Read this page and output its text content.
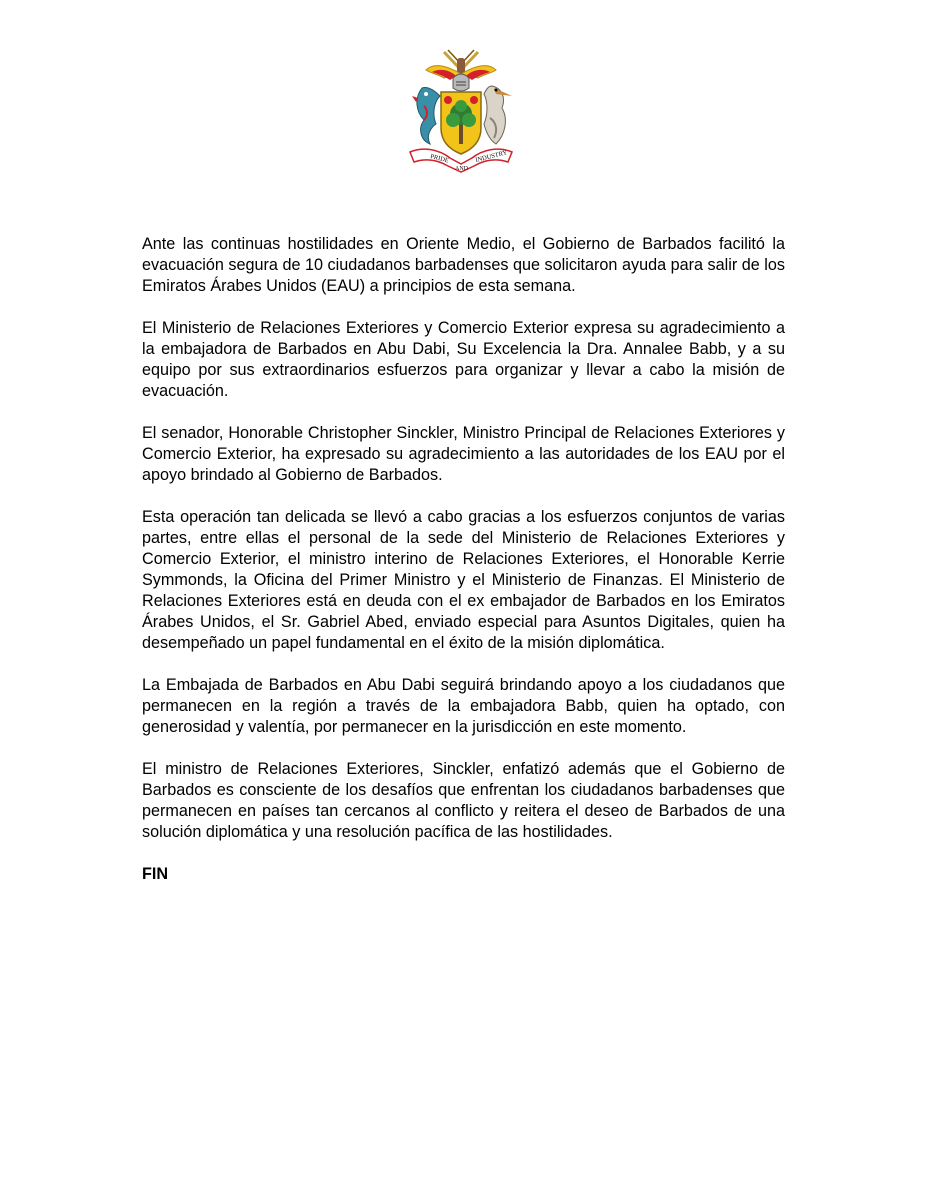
PRIDE
AND
INDUSTRY

Ante las continuas hostilidades en Oriente Medio, el Gobierno de Barbados facilitó la evacuación segura de 10 ciudadanos barbadenses que solicitaron ayuda para salir de los Emiratos Árabes Unidos (EAU) a principios de esta semana.

El Ministerio de Relaciones Exteriores y Comercio Exterior expresa su agradecimiento a la embajadora de Barbados en Abu Dabi, Su Excelencia la Dra. Annalee Babb, y a su equipo por sus extraordinarios esfuerzos para organizar y llevar a cabo la misión de evacuación.

El senador, Honorable Christopher Sinckler, Ministro Principal de Relaciones Exteriores y Comercio Exterior, ha expresado su agradecimiento a las autoridades de los EAU por el apoyo brindado al Gobierno de Barbados.

Esta operación tan delicada se llevó a cabo gracias a los esfuerzos conjuntos de varias partes, entre ellas el personal de la sede del Ministerio de Relaciones Exteriores y Comercio Exterior, el ministro interino de Relaciones Exteriores, el Honorable Kerrie Symmonds, la Oficina del Primer Ministro y el Ministerio de Finanzas. El Ministerio de Relaciones Exteriores está en deuda con el ex embajador de Barbados en los Emiratos Árabes Unidos, el Sr. Gabriel Abed, enviado especial para Asuntos Digitales, quien ha desempeñado un papel fundamental en el éxito de la misión diplomática.

La Embajada de Barbados en Abu Dabi seguirá brindando apoyo a los ciudadanos que permanecen en la región a través de la embajadora Babb, quien ha optado, con generosidad y valentía, por permanecer en la jurisdicción en este momento.

El ministro de Relaciones Exteriores, Sinckler, enfatizó además que el Gobierno de Barbados es consciente de los desafíos que enfrentan los ciudadanos barbadenses que permanecen en países tan cercanos al conflicto y reitera el deseo de Barbados de una solución diplomática y una resolución pacífica de las hostilidades.

FIN
